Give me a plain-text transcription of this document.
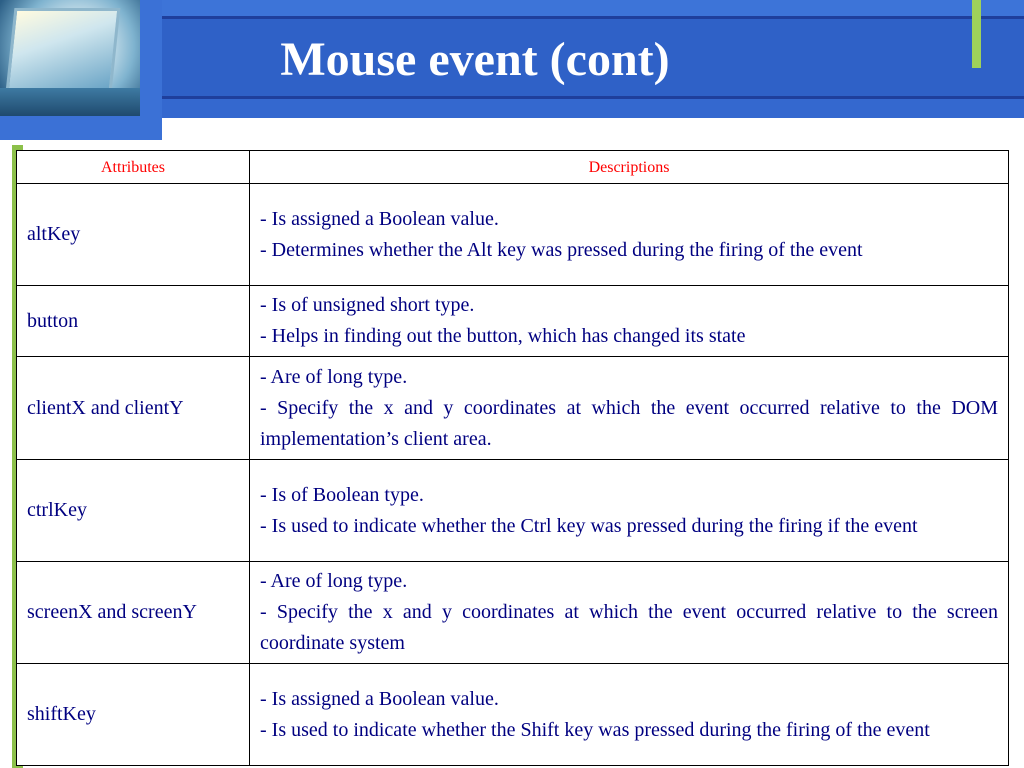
Mouse event (cont)
Attributes	Descriptions
altKey	- Is assigned a Boolean value.
- Determines whether the Alt key was pressed during the firing of the event

button	- Is of unsigned short type.
- Helps in finding out the button, which has changed its state

clientX and clientY	- Are of long type.
- Specify the x and y coordinates at which the event occurred relative to the DOM implementation’s client area.

ctrlKey	- Is of Boolean type.
- Is used to indicate whether the Ctrl key was pressed during the firing if the event

screenX and screenY	- Are of long type.
- Specify the x and y coordinates at which the event occurred relative to the screen coordinate system

shiftKey	- Is assigned a Boolean value.
- Is used to indicate whether the Shift key was pressed during the firing of the event
